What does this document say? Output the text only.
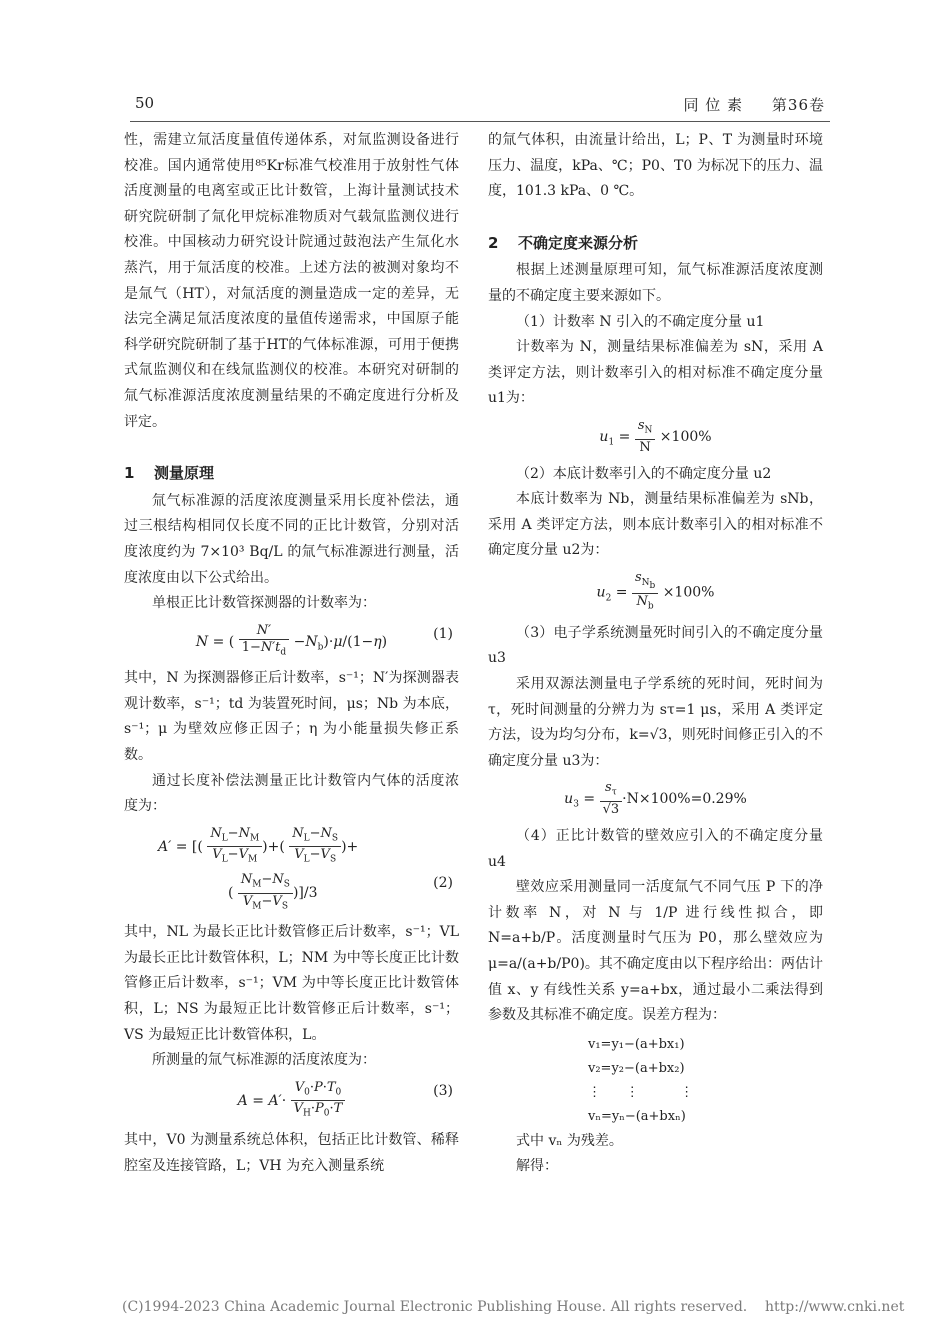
50	同 位 素 第36卷

性，需建立氚活度量值传递体系，对氚监测设备进行校准。国内通常使用⁸⁵Kr标准气校准用于放射性气体活度测量的电离室或正比计数管，上海计量测试技术研究院研制了氚化甲烷标准物质对气载氚监测仪进行校准。中国核动力研究设计院通过鼓泡法产生氚化水蒸汽，用于氚活度的校准。上述方法的被测对象均不是氚气（HT），对氚活度的测量造成一定的差异，无法完全满足氚活度浓度的量值传递需求，中国原子能科学研究院研制了基于HT的气体标准源，可用于便携式氚监测仪和在线氚监测仪的校准。本研究对研制的氚气标准源活度浓度测量结果的不确定度进行分析及评定。

1 测量原理

氚气标准源的活度浓度测量采用长度补偿法，通过三根结构相同仅长度不同的正比计数管，分别对活度浓度约为 7×10³ Bq/L 的氚气标准源进行测量，活度浓度由以下公式给出。

单根正比计数管探测器的计数率为：

N = ( $\frac{N'}{1-N't_d} -N_b)\cdot\mu/(1-\eta)$	(1)

其中，N 为探测器修正后计数率，s⁻¹；N′为探测器表观计数率，s⁻¹；td 为装置死时间，μs；Nb 为本底，s⁻¹；μ 为壁效应修正因子；η 为小能量损失修正系数。

通过长度补偿法测量正比计数管内气体的活度浓度为：

A′ = [( $\frac{N_L-N_M}{V_L-V_M}$ )+( $\frac{N_L-N_S}{V_L-V_S}$ )+
( $\frac{N_M-N_S}{V_M-V_S} )]/3$
(2)

其中，NL 为最长正比计数管修正后计数率，s⁻¹；VL 为最长正比计数管体积，L；NM 为中等长度正比计数管修正后计数率，s⁻¹；VM 为中等长度正比计数管体积，L；NS 为最短正比计数管修正后计数率，s⁻¹；VS 为最短正比计数管体积，L。

所测量的氚气标准源的活度浓度为：

$A = A'\cdot \frac{V_0\cdot P\cdot T_0}{V_H\cdot P_0\cdot T}$	(3)

其中，V0 为测量系统总体积，包括正比计数管、稀释腔室及连接管路，L；VH 为充入测量系统

的氚气体积，由流量计给出，L；P、T 为测量时环境压力、温度，kPa、℃；P0、T0 为标况下的压力、温度，101.3 kPa、0 ℃。

2 不确定度来源分析

根据上述测量原理可知，氚气标准源活度浓度测量的不确定度主要来源如下。

（1）计数率 N 引入的不确定度分量 u1

计数率为 N，测量结果标准偏差为 sN，采用 A 类评定方法，则计数率引入的相对标准不确定度分量 u1为：

$u_1 = \frac{s_N}{N} \times 100\%$

（2）本底计数率引入的不确定度分量 u2

本底计数率为 Nb，测量结果标准偏差为 sNb，采用 A 类评定方法，则本底计数率引入的相对标准不确定度分量 u2为：

$u_2 = \frac{s_{N_b}}{N_b} \times 100\%$

（3）电子学系统测量死时间引入的不确定度分量 u3

采用双源法测量电子学系统的死时间，死时间为 τ，死时间测量的分辨力为 sτ=1 μs，采用 A 类评定方法，设为均匀分布，k=√3，则死时间修正引入的不确定度分量 u3为：

$u_3 = \frac{s_\tau}{√3} \cdot N\times 100\%=0.29\%$

（4）正比计数管的壁效应引入的不确定度分量 u4

壁效应采用测量同一活度氚气不同气压 P 下的净计数率 N，对 N 与 1/P 进行线性拟合，即 N=a+b/P。活度测量时气压为 P0，那么壁效应为 μ=a/(a+b/P0)。其不确定度由以下程序给出：两估计值 x、y 有线性关系 y=a+bx，通过最小二乘法得到参数及其标准不确定度。误差方程为：

v₁=y₁−(a+bx₁)
v₂=y₂−(a+bx₂)
⋮      ⋮          ⋮
vₙ=yₙ−(a+bxₙ)

式中 vₙ 为残差。

解得：

(C)1994-2023 China Academic Journal Electronic Publishing House. All rights reserved.    http://www.cnki.net
